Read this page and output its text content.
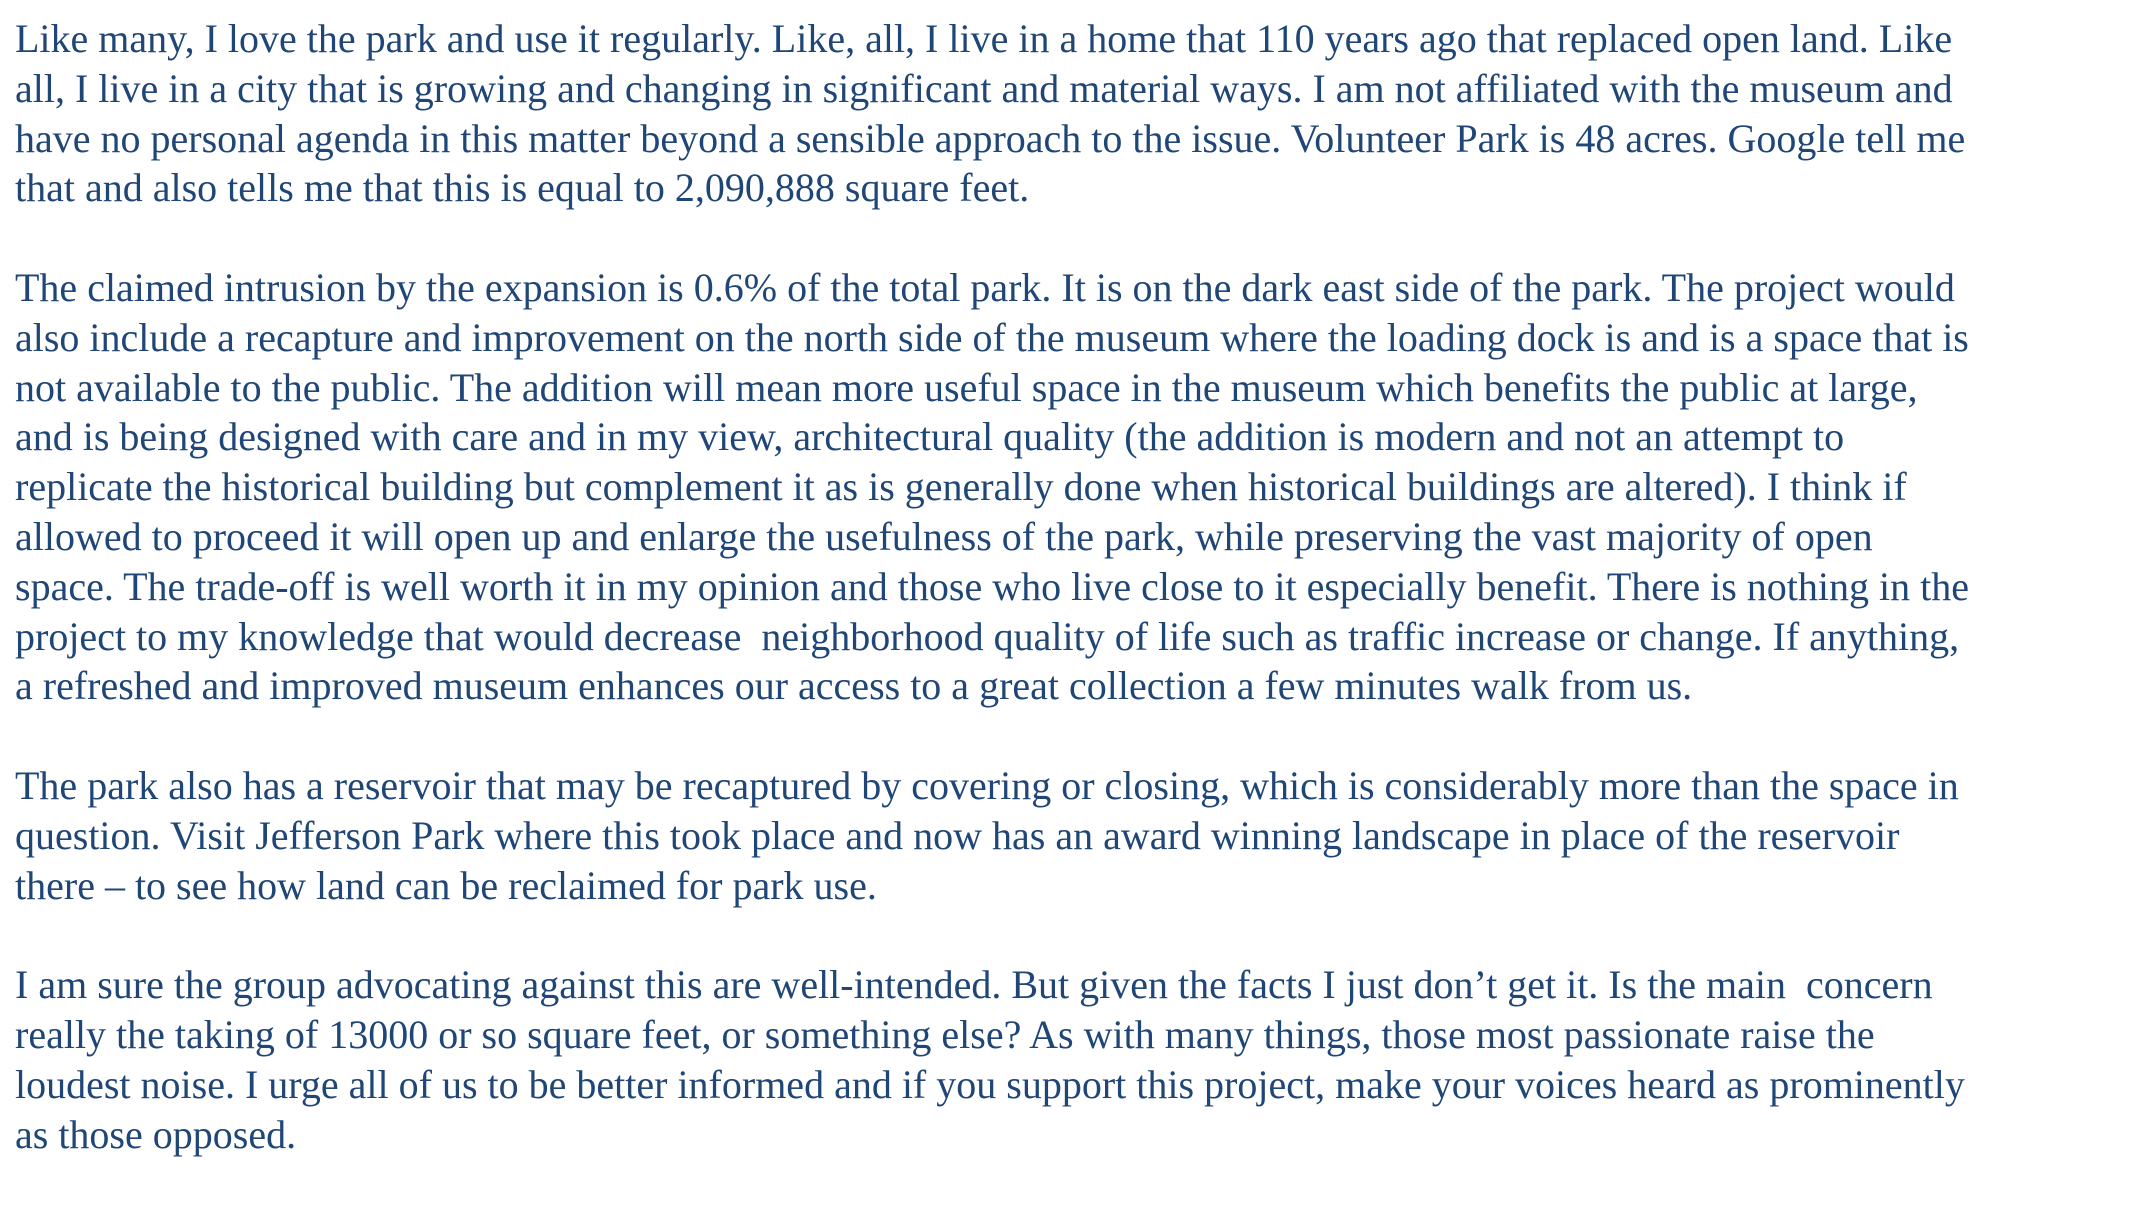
Like many, I love the park and use it regularly. Like, all, I live in a home that 110 years ago that replaced open land. Like
all, I live in a city that is growing and changing in significant and material ways. I am not affiliated with the museum and
have no personal agenda in this matter beyond a sensible approach to the issue. Volunteer Park is 48 acres. Google tell me
that and also tells me that this is equal to 2,090,888 square feet.
The claimed intrusion by the expansion is 0.6% of the total park. It is on the dark east side of the park. The project would
also include a recapture and improvement on the north side of the museum where the loading dock is and is a space that is
not available to the public. The addition will mean more useful space in the museum which benefits the public at large,
and is being designed with care and in my view, architectural quality (the addition is modern and not an attempt to
replicate the historical building but complement it as is generally done when historical buildings are altered). I think if
allowed to proceed it will open up and enlarge the usefulness of the park, while preserving the vast majority of open
space. The trade-off is well worth it in my opinion and those who live close to it especially benefit. There is nothing in the
project to my knowledge that would decrease  neighborhood quality of life such as traffic increase or change. If anything,
a refreshed and improved museum enhances our access to a great collection a few minutes walk from us.
The park also has a reservoir that may be recaptured by covering or closing, which is considerably more than the space in
question. Visit Jefferson Park where this took place and now has an award winning landscape in place of the reservoir
there – to see how land can be reclaimed for park use.
I am sure the group advocating against this are well-intended. But given the facts I just don’t get it. Is the main  concern
really the taking of 13000 or so square feet, or something else? As with many things, those most passionate raise the
loudest noise. I urge all of us to be better informed and if you support this project, make your voices heard as prominently
as those opposed.
